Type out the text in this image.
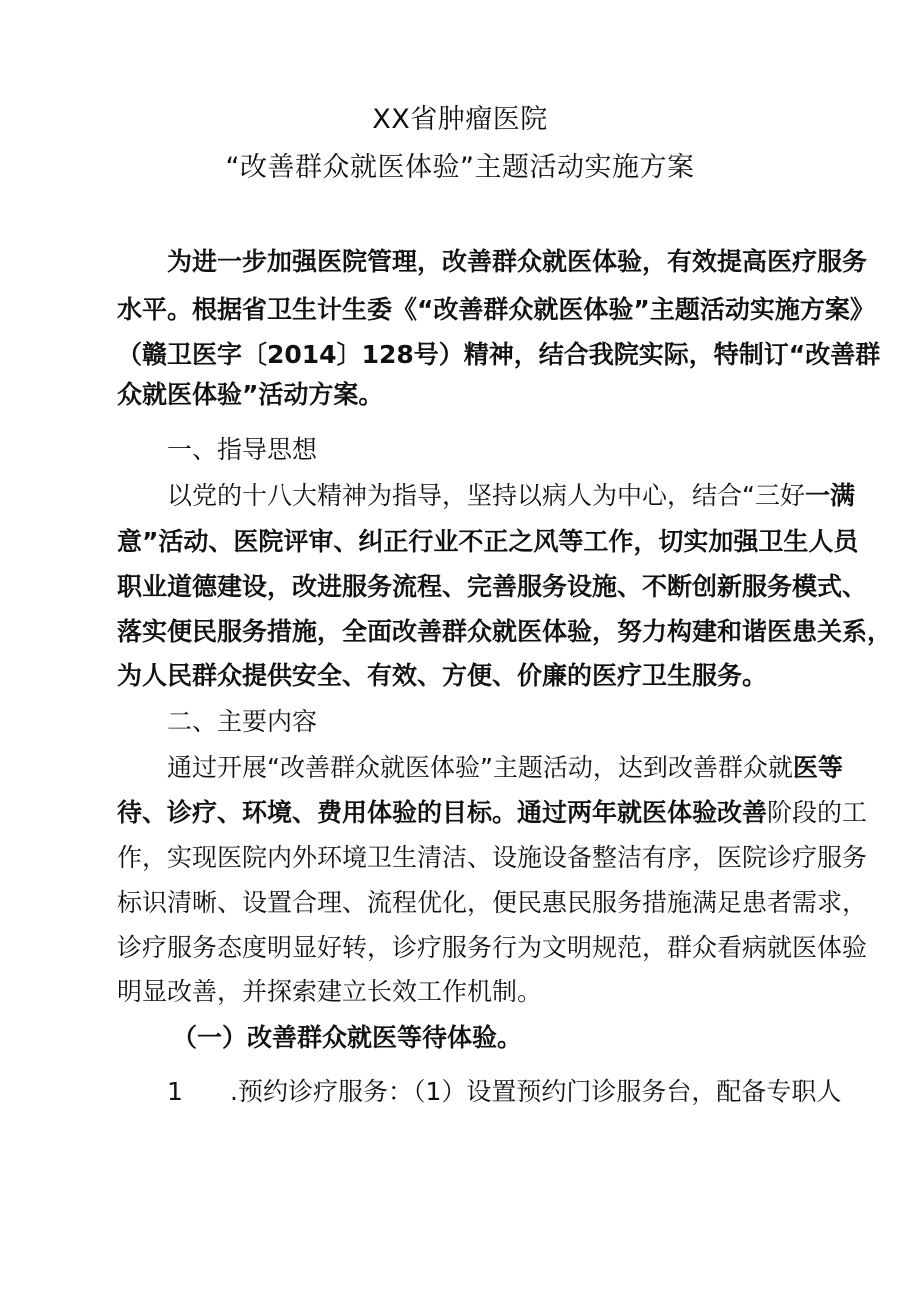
XX省肿瘤医院
“改善群众就医体验”主题活动实施方案
为进一步加强医院管理，改善群众就医体验，有效提高医疗服务
水平。根据省卫生计生委《“改善群众就医体验”主题活动实施方案》
（赣卫医字〔2014〕128号）精神，结合我院实际，特制订“改善群
众就医体验”活动方案。
一、指导思想
以党的十八大精神为指导，坚持以病人为中心，结合“三好一满
意”活动、医院评审、纠正行业不正之风等工作，切实加强卫生人员
职业道德建设，改进服务流程、完善服务设施、不断创新服务模式、
落实便民服务措施，全面改善群众就医体验，努力构建和谐医患关系，
为人民群众提供安全、有效、方便、价廉的医疗卫生服务。
二、主要内容
通过开展“改善群众就医体验”主题活动，达到改善群众就医等
待、诊疗、环境、费用体验的目标。通过两年就医体验改善阶段的工
作，实现医院内外环境卫生清洁、设施设备整洁有序，医院诊疗服务
标识清晰、设置合理、流程优化，便民惠民服务措施满足患者需求，
诊疗服务态度明显好转，诊疗服务行为文明规范，群众看病就医体验
明显改善，并探索建立长效工作机制。
（一）改善群众就医等待体验。
1 .预约诊疗服务：（1）设置预约门诊服务台，配备专职人
